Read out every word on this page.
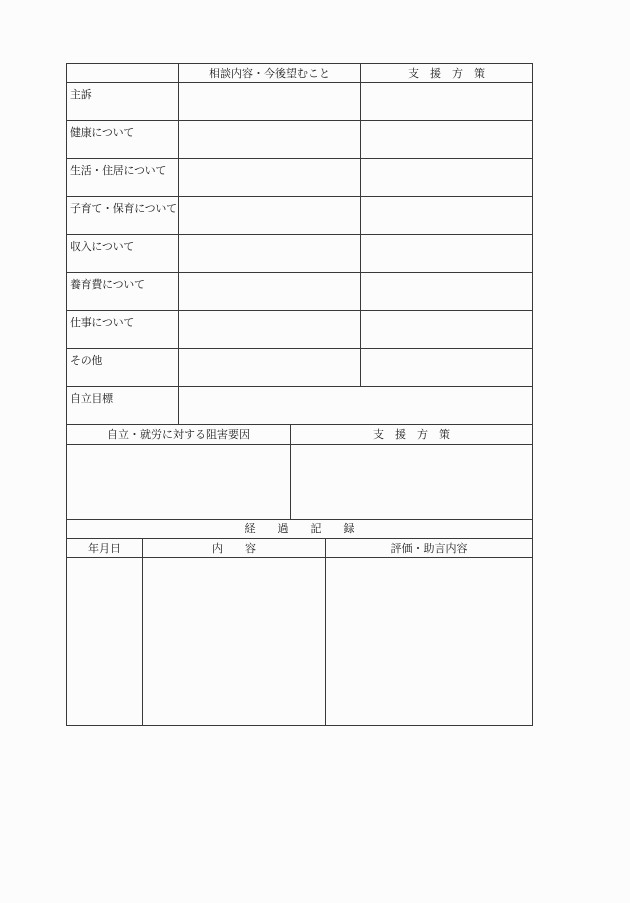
	相談内容・今後望むこと	支　援　方　策
主訴		
健康について		
生活・住居について		
子育て・保育について		
収入について		
養育費について		
仕事について		
その他		
自立目標		
自立・就労に対する阻害要因	支　援　方　策

経　　過　　記　　録		
年月日	内　　容	評価・助言内容
